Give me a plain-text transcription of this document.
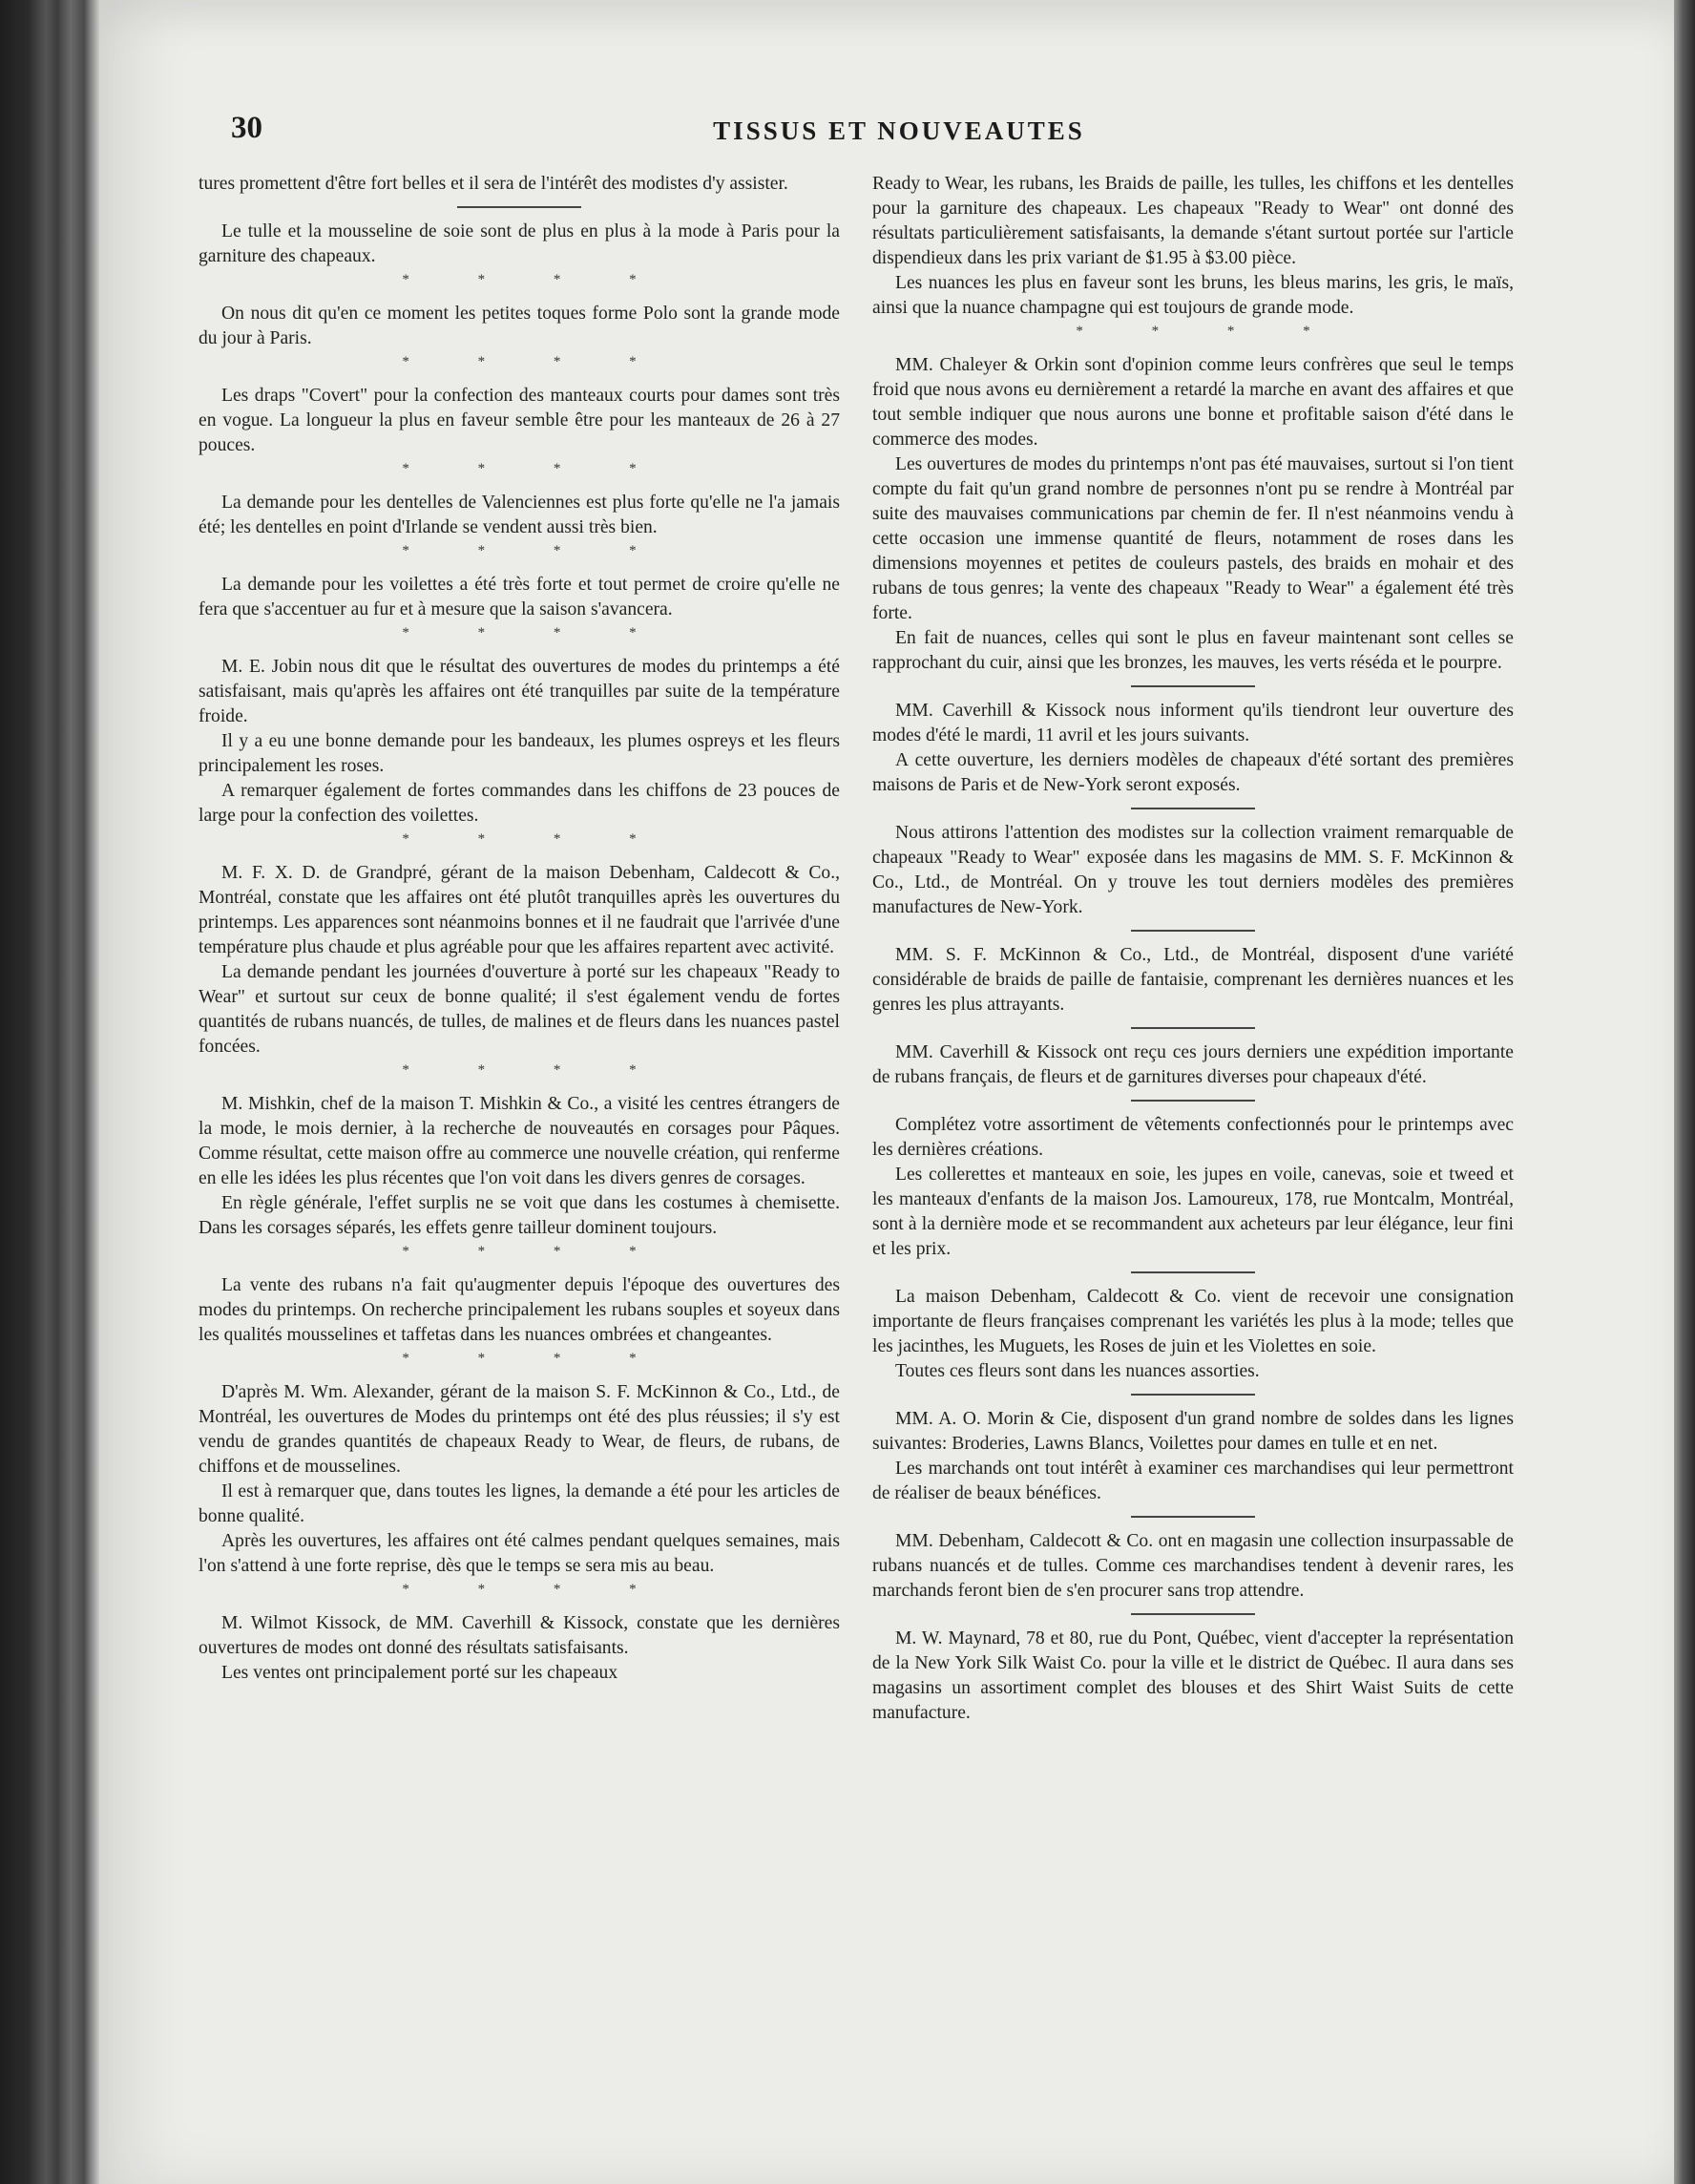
30	TISSUS ET NOUVEAUTES

tures promettent d'être fort belles et il sera de l'intérêt des modistes d'y assister.

Le tulle et la mousseline de soie sont de plus en plus à la mode à Paris pour la garniture des chapeaux.

* * * *

On nous dit qu'en ce moment les petites toques forme Polo sont la grande mode du jour à Paris.

* * * *

Les draps "Covert" pour la confection des manteaux courts pour dames sont très en vogue. La longueur la plus en faveur semble être pour les manteaux de 26 à 27 pouces.

* * * *

La demande pour les dentelles de Valenciennes est plus forte qu'elle ne l'a jamais été; les dentelles en point d'Irlande se vendent aussi très bien.

* * * *

La demande pour les voilettes a été très forte et tout permet de croire qu'elle ne fera que s'accentuer au fur et à mesure que la saison s'avancera.

* * * *

M. E. Jobin nous dit que le résultat des ouvertures de modes du printemps a été satisfaisant, mais qu'après les affaires ont été tranquilles par suite de la température froide.

Il y a eu une bonne demande pour les bandeaux, les plumes ospreys et les fleurs principalement les roses.

A remarquer également de fortes commandes dans les chiffons de 23 pouces de large pour la confection des voilettes.

* * * *

M. F. X. D. de Grandpré, gérant de la maison Debenham, Caldecott & Co., Montréal, constate que les affaires ont été plutôt tranquilles après les ouvertures du printemps. Les apparences sont néanmoins bonnes et il ne faudrait que l'arrivée d'une température plus chaude et plus agréable pour que les affaires repartent avec activité.

La demande pendant les journées d'ouverture à porté sur les chapeaux "Ready to Wear" et surtout sur ceux de bonne qualité; il s'est également vendu de fortes quantités de rubans nuancés, de tulles, de malines et de fleurs dans les nuances pastel foncées.

* * * *

M. Mishkin, chef de la maison T. Mishkin & Co., a visité les centres étrangers de la mode, le mois dernier, à la recherche de nouveautés en corsages pour Pâques. Comme résultat, cette maison offre au commerce une nouvelle création, qui renferme en elle les idées les plus récentes que l'on voit dans les divers genres de corsages.

En règle générale, l'effet surplis ne se voit que dans les costumes à chemisette. Dans les corsages séparés, les effets genre tailleur dominent toujours.

* * * *

La vente des rubans n'a fait qu'augmenter depuis l'époque des ouvertures des modes du printemps. On recherche principalement les rubans souples et soyeux dans les qualités mousselines et taffetas dans les nuances ombrées et changeantes.

* * * *

D'après M. Wm. Alexander, gérant de la maison S. F. McKinnon & Co., Ltd., de Montréal, les ouvertures de Modes du printemps ont été des plus réussies; il s'y est vendu de grandes quantités de chapeaux Ready to Wear, de fleurs, de rubans, de chiffons et de mousselines.

Il est à remarquer que, dans toutes les lignes, la demande a été pour les articles de bonne qualité.

Après les ouvertures, les affaires ont été calmes pendant quelques semaines, mais l'on s'attend à une forte reprise, dès que le temps se sera mis au beau.

* * * *

M. Wilmot Kissock, de MM. Caverhill & Kissock, constate que les dernières ouvertures de modes ont donné des résultats satisfaisants.

Les ventes ont principalement porté sur les chapeaux

Ready to Wear, les rubans, les Braids de paille, les tulles, les chiffons et les dentelles pour la garniture des chapeaux. Les chapeaux "Ready to Wear" ont donné des résultats particulièrement satisfaisants, la demande s'étant surtout portée sur l'article dispendieux dans les prix variant de $1.95 à $3.00 pièce.

Les nuances les plus en faveur sont les bruns, les bleus marins, les gris, le maïs, ainsi que la nuance champagne qui est toujours de grande mode.

* * * *

MM. Chaleyer & Orkin sont d'opinion comme leurs confrères que seul le temps froid que nous avons eu dernièrement a retardé la marche en avant des affaires et que tout semble indiquer que nous aurons une bonne et profitable saison d'été dans le commerce des modes.

Les ouvertures de modes du printemps n'ont pas été mauvaises, surtout si l'on tient compte du fait qu'un grand nombre de personnes n'ont pu se rendre à Montréal par suite des mauvaises communications par chemin de fer. Il n'est néanmoins vendu à cette occasion une immense quantité de fleurs, notamment de roses dans les dimensions moyennes et petites de couleurs pastels, des braids en mohair et des rubans de tous genres; la vente des chapeaux "Ready to Wear" a également été très forte.

En fait de nuances, celles qui sont le plus en faveur maintenant sont celles se rapprochant du cuir, ainsi que les bronzes, les mauves, les verts réséda et le pourpre.

MM. Caverhill & Kissock nous informent qu'ils tiendront leur ouverture des modes d'été le mardi, 11 avril et les jours suivants.

A cette ouverture, les derniers modèles de chapeaux d'été sortant des premières maisons de Paris et de New-York seront exposés.

Nous attirons l'attention des modistes sur la collection vraiment remarquable de chapeaux "Ready to Wear" exposée dans les magasins de MM. S. F. McKinnon & Co., Ltd., de Montréal. On y trouve les tout derniers modèles des premières manufactures de New-York.

MM. S. F. McKinnon & Co., Ltd., de Montréal, disposent d'une variété considérable de braids de paille de fantaisie, comprenant les dernières nuances et les genres les plus attrayants.

MM. Caverhill & Kissock ont reçu ces jours derniers une expédition importante de rubans français, de fleurs et de garnitures diverses pour chapeaux d'été.

Complétez votre assortiment de vêtements confectionnés pour le printemps avec les dernières créations.

Les collerettes et manteaux en soie, les jupes en voile, canevas, soie et tweed et les manteaux d'enfants de la maison Jos. Lamoureux, 178, rue Montcalm, Montréal, sont à la dernière mode et se recommandent aux acheteurs par leur élégance, leur fini et les prix.

La maison Debenham, Caldecott & Co. vient de recevoir une consignation importante de fleurs françaises comprenant les variétés les plus à la mode; telles que les jacinthes, les Muguets, les Roses de juin et les Violettes en soie.

Toutes ces fleurs sont dans les nuances assorties.

MM. A. O. Morin & Cie, disposent d'un grand nombre de soldes dans les lignes suivantes: Broderies, Lawns Blancs, Voilettes pour dames en tulle et en net.

Les marchands ont tout intérêt à examiner ces marchandises qui leur permettront de réaliser de beaux bénéfices.

MM. Debenham, Caldecott & Co. ont en magasin une collection insurpassable de rubans nuancés et de tulles. Comme ces marchandises tendent à devenir rares, les marchands feront bien de s'en procurer sans trop attendre.

M. W. Maynard, 78 et 80, rue du Pont, Québec, vient d'accepter la représentation de la New York Silk Waist Co. pour la ville et le district de Québec. Il aura dans ses magasins un assortiment complet des blouses et des Shirt Waist Suits de cette manufacture.
